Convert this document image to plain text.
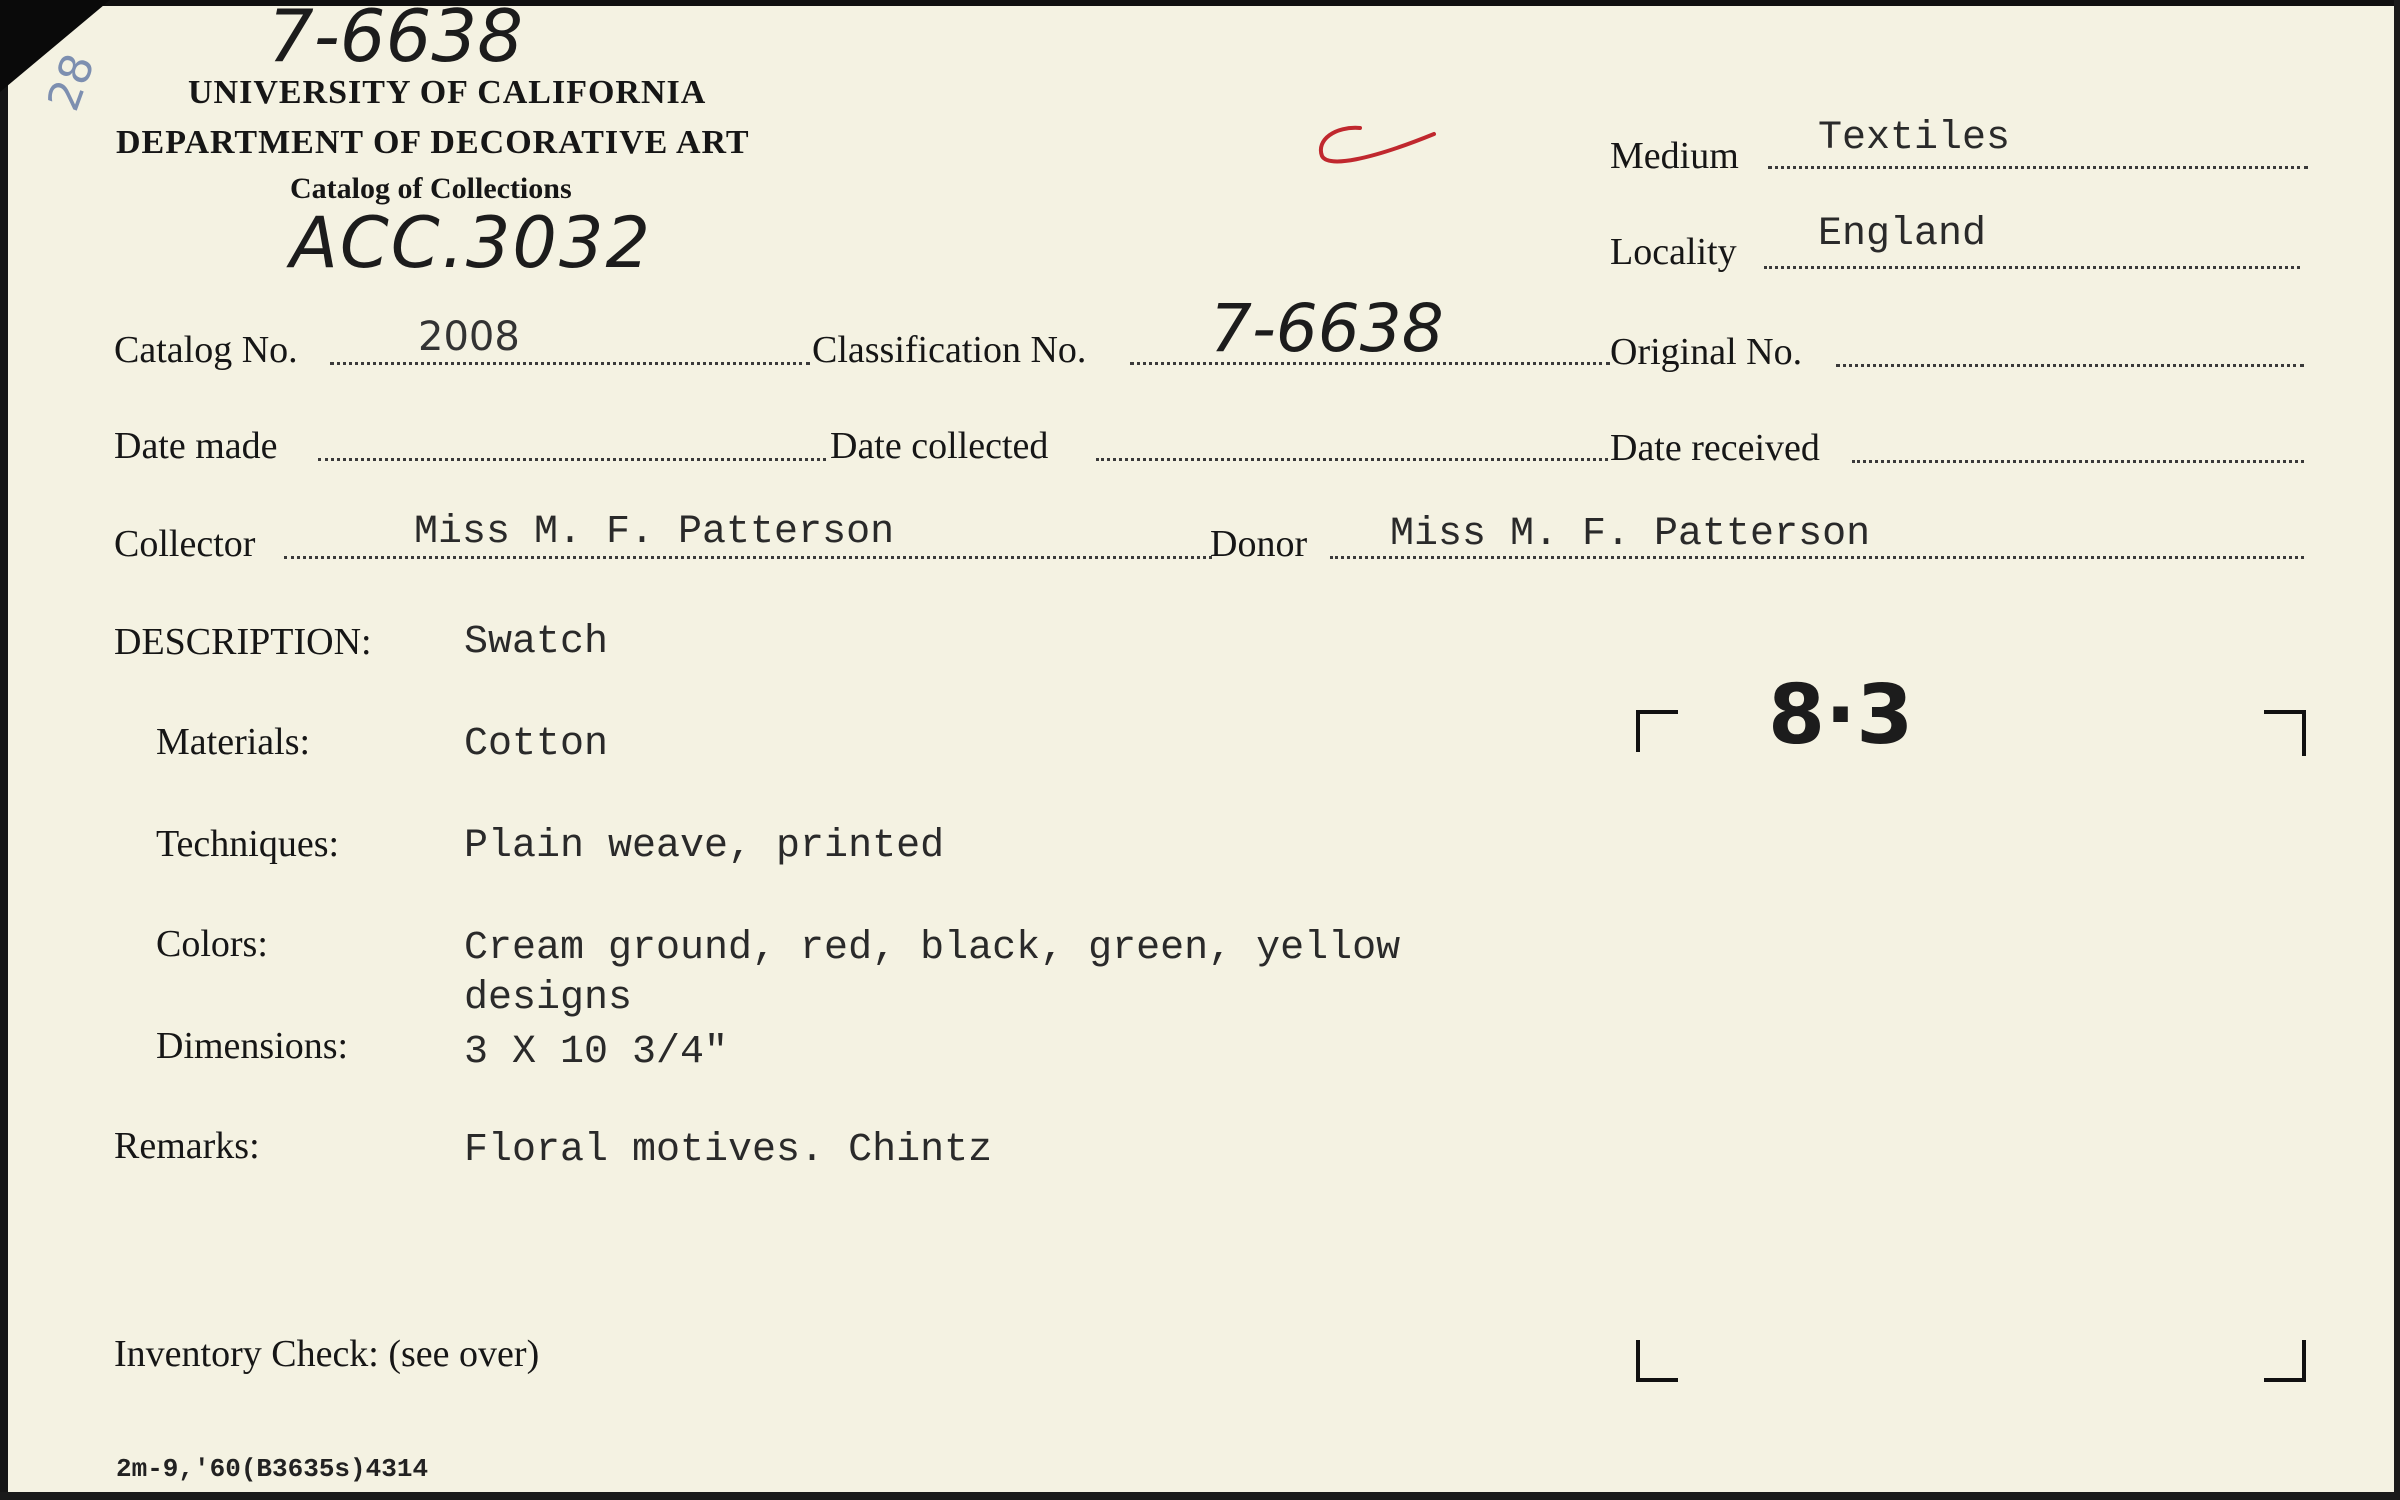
7-6638
28 UNIVERSITY OF CALIFORNIA
DEPARTMENT OF DECORATIVE ART
Catalog of Collections
ACC.3032
Medium Textiles
Locality England
Catalog No.	2008	Classification No. 7-6638	Original No.
Date made	Date collected	Date received
Collector	Miss M. F. Patterson	Donor Miss M. F. Patterson
DESCRIPTION: Swatch
Materials:	Cotton
Techniques:	Plain weave, printed
Colors:	Cream ground, red, black, green, yellow
designs
Dimensions:	3 X 10 3/4"
Remarks:	Floral motives. Chintz
Inventory Check: (see over)
8·3
2m-9,'60(B3635s)4314
